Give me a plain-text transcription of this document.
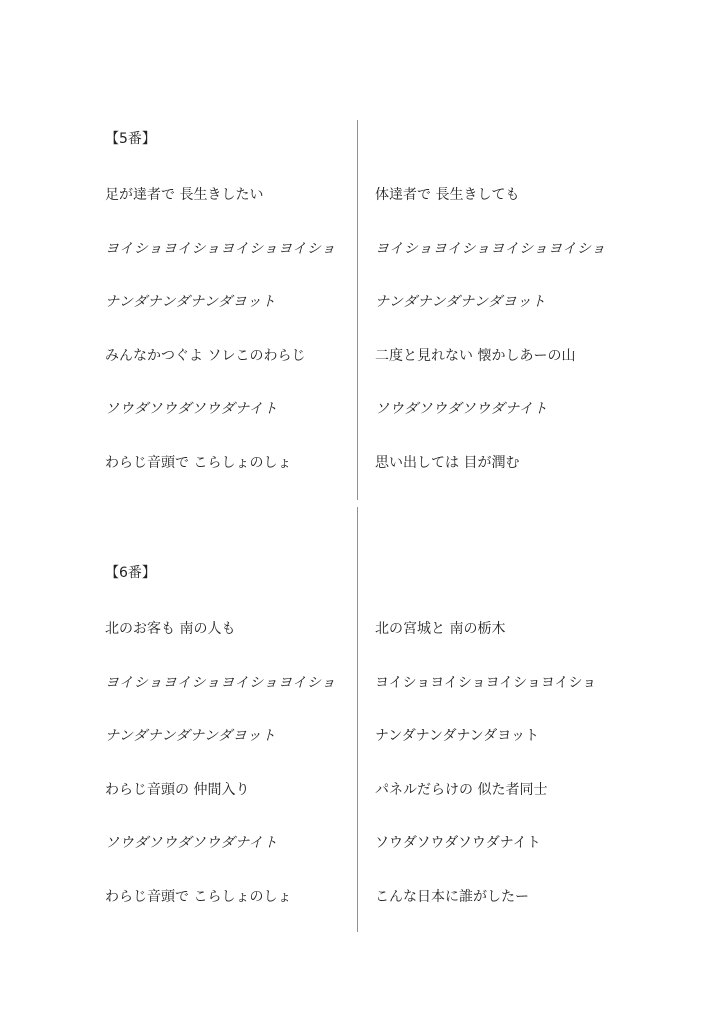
【5番】
足が達者で 長生きしたい
ヨイショヨイショヨイショヨイショ
ナンダナンダナンダヨット
みんなかつぐよ ソレこのわらじ
ソウダソウダソウダナイト
わらじ音頭で こらしょのしょ
体達者で 長生きしても
ヨイショヨイショヨイショヨイショ
ナンダナンダナンダヨット
二度と見れない 懐かしあーの山
ソウダソウダソウダナイト
思い出しては 目が潤む
【6番】
北のお客も 南の人も
ヨイショヨイショヨイショヨイショ
ナンダナンダナンダヨット
わらじ音頭の 仲間入り
ソウダソウダソウダナイト
わらじ音頭で こらしょのしょ
北の宮城と 南の栃木
ヨイショヨイショヨイショヨイショ
ナンダナンダナンダヨット
パネルだらけの 似た者同士
ソウダソウダソウダナイト
こんな日本に誰がしたー
